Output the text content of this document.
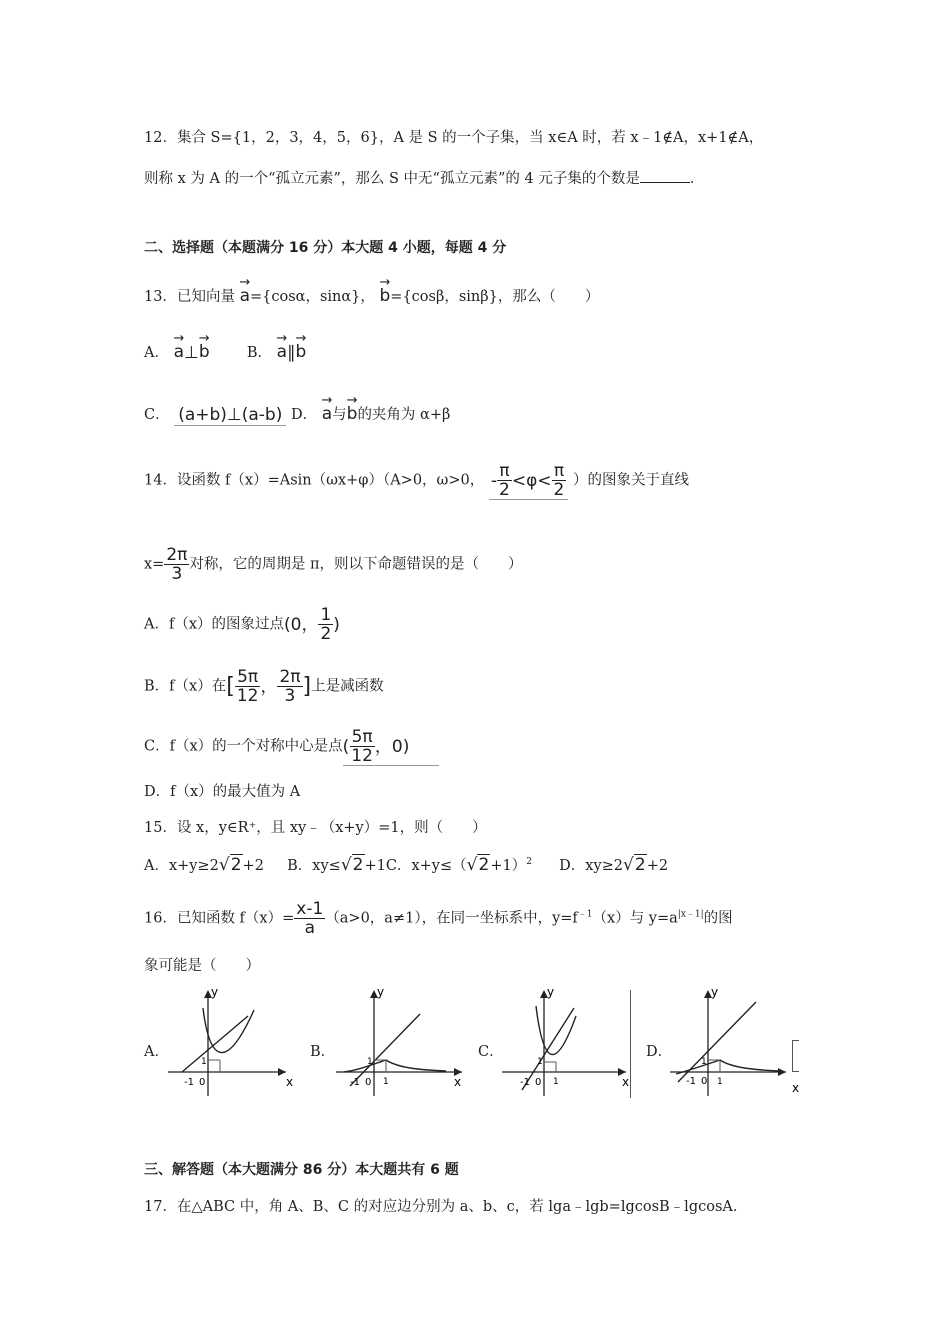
12．集合 S={1，2，3，4，5，6}，A 是 S 的一个子集，当 x∈A 时，若 x﹣1∉A，x+1∉A，
则称 x 为 A 的一个“孤立元素”，那么 S 中无“孤立元素”的 4 元子集的个数是	．
二、选择题（本题满分 16 分）本大题 4 小题，每题 4 分
13．已知向量 → a={cosα，sinα}， → b={cosβ，sinβ}，那么（　　）
A． → a⊥→ b	B． → a∥→ b
C． (a+b)⊥(a-b) D． → a与→ b的夹角为 α+β
14．设函数 f（x）=Asin（ωx+φ）（A>0，ω>0， - $\frac{\pi}{2} <\varphi< \frac{\pi}{2}$ ）的图象关于直线
$x= \frac{2\pi}{3}$ 对称，它的周期是 π，则以下命题错误的是（　　）
A．f（x）的图象过点(0， $\frac{1}{2}$ )
B．f（x）在[ $\frac{5\pi}{12}$ ， $\frac{2\pi}{3}$ ]上是减函数
C．f（x）的一个对称中心是点( $\frac{5\pi}{12}$ ，0)
D．f（x）的最大值为 A
15．设 x，y∈R⁺，且 xy﹣（x+y）=1，则（　　）
A．x+y≥2√2+2 B．xy≤√2+1C．$x+y\le(√2+1)^2$ D．xy≥2√2+2
16．已知函数 $f(x)= \frac{x-1}{a} (a>0$，a≠1），在同一坐标系中，$y=f^{﹣1}(x)$与 $y=a^{|x﹣1|}$的图
象可能是（　　）
A．	B．	C．	D．
y
x
1
-1 0
y
x
1
1
-1 0
y
x
1
1
-1 0
y
x
1
1
-1 0
三、解答题（本大题满分 86 分）本大题共有 6 题
17．在△ABC 中，角 A、B、C 的对应边分别为 a、b、c，若 lga﹣lgb=lgcosB﹣lgcosA．
